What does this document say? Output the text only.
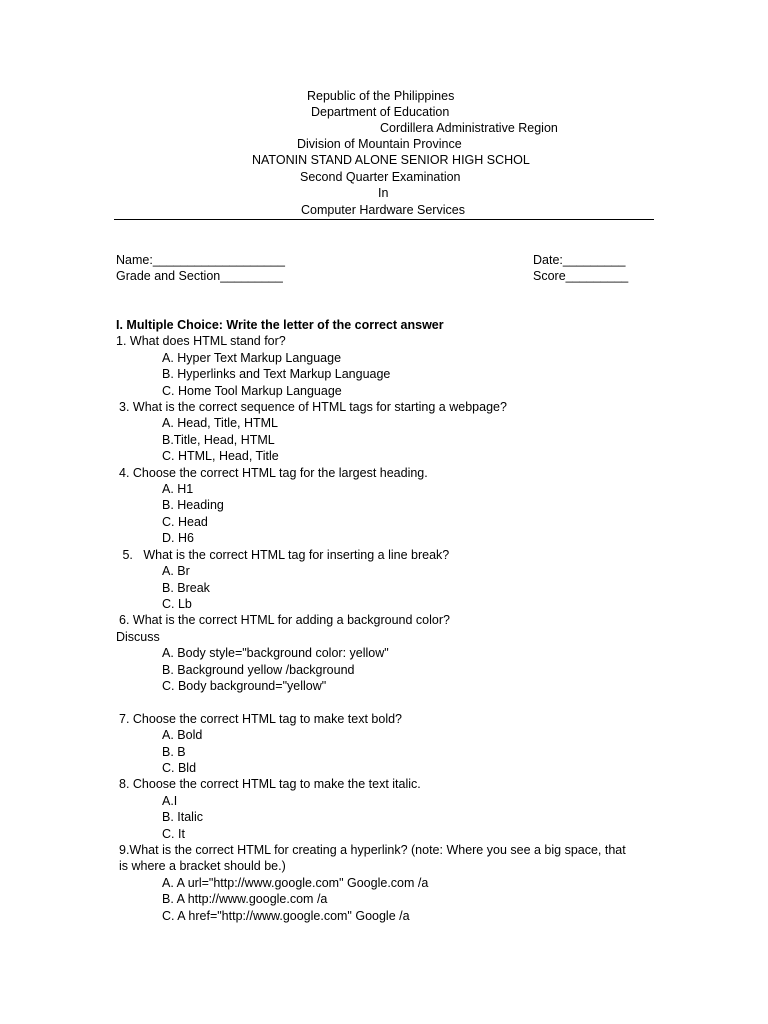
Republic of the Philippines
Department of Education
Cordillera Administrative Region
Division of Mountain Province
NATONIN STAND ALONE SENIOR HIGH SCHOL
Second Quarter Examination
In
Computer Hardware Services
Name:___________________	Date:_________
Grade and Section_________	Score_________
I. Multiple Choice: Write the letter of the correct answer
1. What does HTML stand for?
A. Hyper Text Markup Language
B. Hyperlinks and Text Markup Language
C. Home Tool Markup Language
3. What is the correct sequence of HTML tags for starting a webpage?
A. Head, Title, HTML
B.Title, Head, HTML
C. HTML, Head, Title
4. Choose the correct HTML tag for the largest heading.
A. H1
B. Heading
C. Head
D. H6
5.   What is the correct HTML tag for inserting a line break?
A. Br
B. Break
C. Lb
6. What is the correct HTML for adding a background color?
Discuss
A. Body style="background color: yellow"
B. Background yellow /background
C. Body background="yellow"
7. Choose the correct HTML tag to make text bold?
A. Bold
B. B
C. Bld
8. Choose the correct HTML tag to make the text italic.
A.I
B. Italic
C. It
9.What is the correct HTML for creating a hyperlink? (note: Where you see a big space, that
is where a bracket should be.)
A. A url="http://www.google.com" Google.com /a
B. A http://www.google.com /a
C. A href="http://www.google.com" Google /a
